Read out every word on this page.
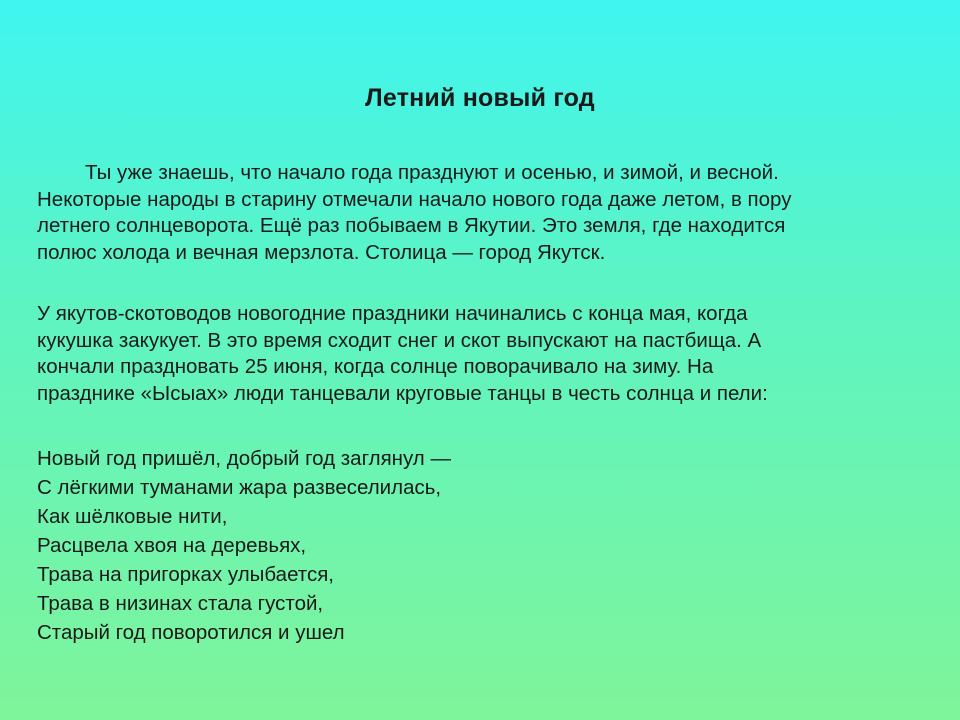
Летний новый год
Ты уже знаешь, что начало года празднуют и осенью, и зимой, и весной.
Некоторые народы в старину отмечали начало нового года даже летом, в пору
летнего солнцеворота. Ещё раз побываем в Якутии. Это земля, где находится
полюс холода и вечная мерзлота. Столица — город Якутск.
У якутов-скотоводов новогодние праздники начинались с конца мая, когда
кукушка закукует. В это время сходит снег и скот выпускают на пастбища. А
кончали праздновать 25 июня, когда солнце поворачивало на зиму. На
празднике «Ысыах» люди танцевали круговые танцы в честь солнца и пели:
Новый год пришёл, добрый год заглянул —
С лёгкими туманами жара развеселилась,
Как шёлковые нити,
Расцвела хвоя на деревьях,
Трава на пригорках улыбается,
Трава в низинах стала густой,
Старый год поворотился и ушел
